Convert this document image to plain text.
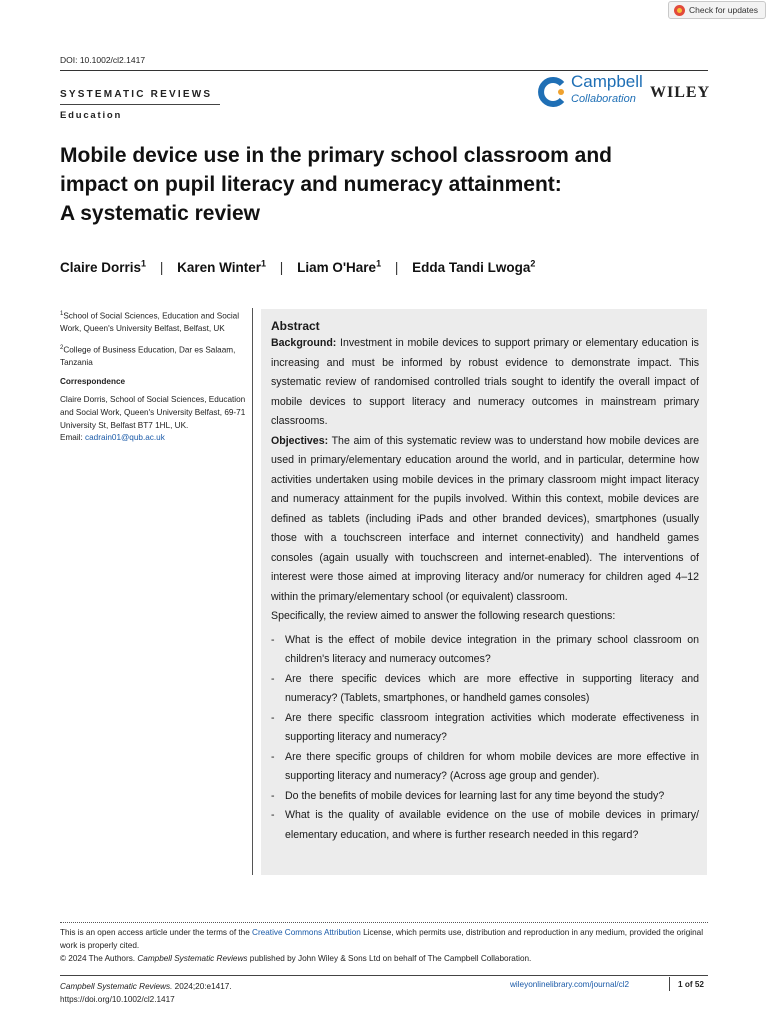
Check for updates
DOI: 10.1002/cl2.1417
SYSTEMATIC REVIEWS
Education
Campbell
Collaboration WILEY
Mobile device use in the primary school classroom and
impact on pupil literacy and numeracy attainment:
A systematic review
Claire Dorris$^1$ | Karen Winter$^1$ | Liam O'Hare$^1$ | Edda Tandi Lwoga$^2$

$^1$School of Social Sciences, Education and Social Work, Queen's University Belfast, Belfast, UK

$^2$College of Business Education, Dar es Salaam, Tanzania

Correspondence

Claire Dorris, School of Social Sciences, Education and Social Work, Queen's University Belfast, 69-71 University St, Belfast BT7 1HL, UK.
Email: cadrain01@qub.ac.uk

Abstract

Background: Investment in mobile devices to support primary or elementary education is increasing and must be informed by robust evidence to demonstrate impact. This systematic review of randomised controlled trials sought to identify the overall impact of mobile devices to support literacy and numeracy outcomes in mainstream primary classrooms.

Objectives: The aim of this systematic review was to understand how mobile devices are used in primary/elementary education around the world, and in particular, determine how activities undertaken using mobile devices in the primary classroom might impact literacy and numeracy attainment for the pupils involved. Within this context, mobile devices are defined as tablets (including iPads and other branded devices), smartphones (usually those with a touchscreen interface and internet connectivity) and handheld games consoles (again usually with touchscreen and internet-enabled). The interventions of interest were those aimed at improving literacy and/or numeracy for children aged 4–12 within the primary/elementary school (or equivalent) classroom.

Specifically, the review aimed to answer the following research questions:

- What is the effect of mobile device integration in the primary school classroom on children's literacy and numeracy outcomes?
- Are there specific devices which are more effective in supporting literacy and numeracy? (Tablets, smartphones, or handheld games consoles)
- Are there specific classroom integration activities which moderate effectiveness in supporting literacy and numeracy?
- Are there specific groups of children for whom mobile devices are more effective in supporting literacy and numeracy? (Across age group and gender).
- Do the benefits of mobile devices for learning last for any time beyond the study?
- What is the quality of available evidence on the use of mobile devices in primary/ elementary education, and where is further research needed in this regard?

This is an open access article under the terms of the Creative Commons Attribution License, which permits use, distribution and reproduction in any medium, provided the original work is properly cited.

© 2024 The Authors. Campbell Systematic Reviews published by John Wiley & Sons Ltd on behalf of The Campbell Collaboration.

Campbell Systematic Reviews. 2024;20:e1417.
https://doi.org/10.1002/cl2.1417
wileyonlinelibrary.com/journal/cl2	1 of 52
